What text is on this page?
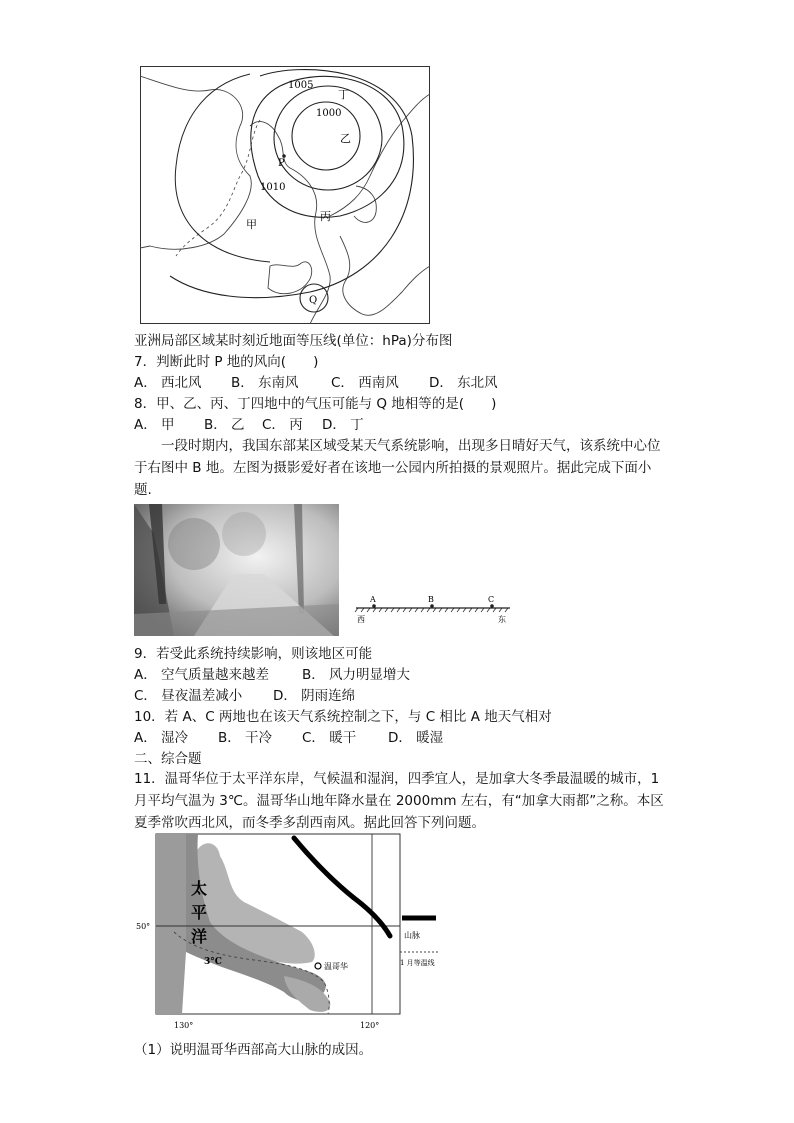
1005
1000
1010
丁
乙
P
甲
丙
Q
亚洲局部区域某时刻近地面等压线(单位：hPa)分布图
7．判断此时 P 地的风向(　　)
A． 西北风 B． 东南风 C． 西南风 D． 东北风
8．甲、乙、丙、丁四地中的气压可能与 Q 地相等的是(　　)
A． 甲 B． 乙 C． 丙 D． 丁
一段时期内，我国东部某区域受某天气系统影响，出现多日晴好天气，该系统中心位于右图中 B 地。左图为摄影爱好者在该地一公园内所拍摄的景观照片。据此完成下面小题.
A	B	C
西	东
9．若受此系统持续影响，则该地区可能
A． 空气质量越来越差 B． 风力明显增大
C． 昼夜温差减小 D． 阴雨连绵
10．若 A、C 两地也在该天气系统控制之下，与 C 相比 A 地天气相对
A． 湿冷 B． 干冷 C． 暖干 D． 暖湿
二、综合题
11．温哥华位于太平洋东岸，气候温和湿润，四季宜人，是加拿大冬季最温暖的城市，1 月平均气温为 3℃。温哥华山地年降水量在 2000mm 左右，有“加拿大雨都”之称。本区夏季常吹西北风，而冬季多刮西南风。据此回答下列问题。
太
平
洋
50°
3°C	温哥华
130°	120°
山脉
1 月等温线
（1）说明温哥华西部高大山脉的成因。
